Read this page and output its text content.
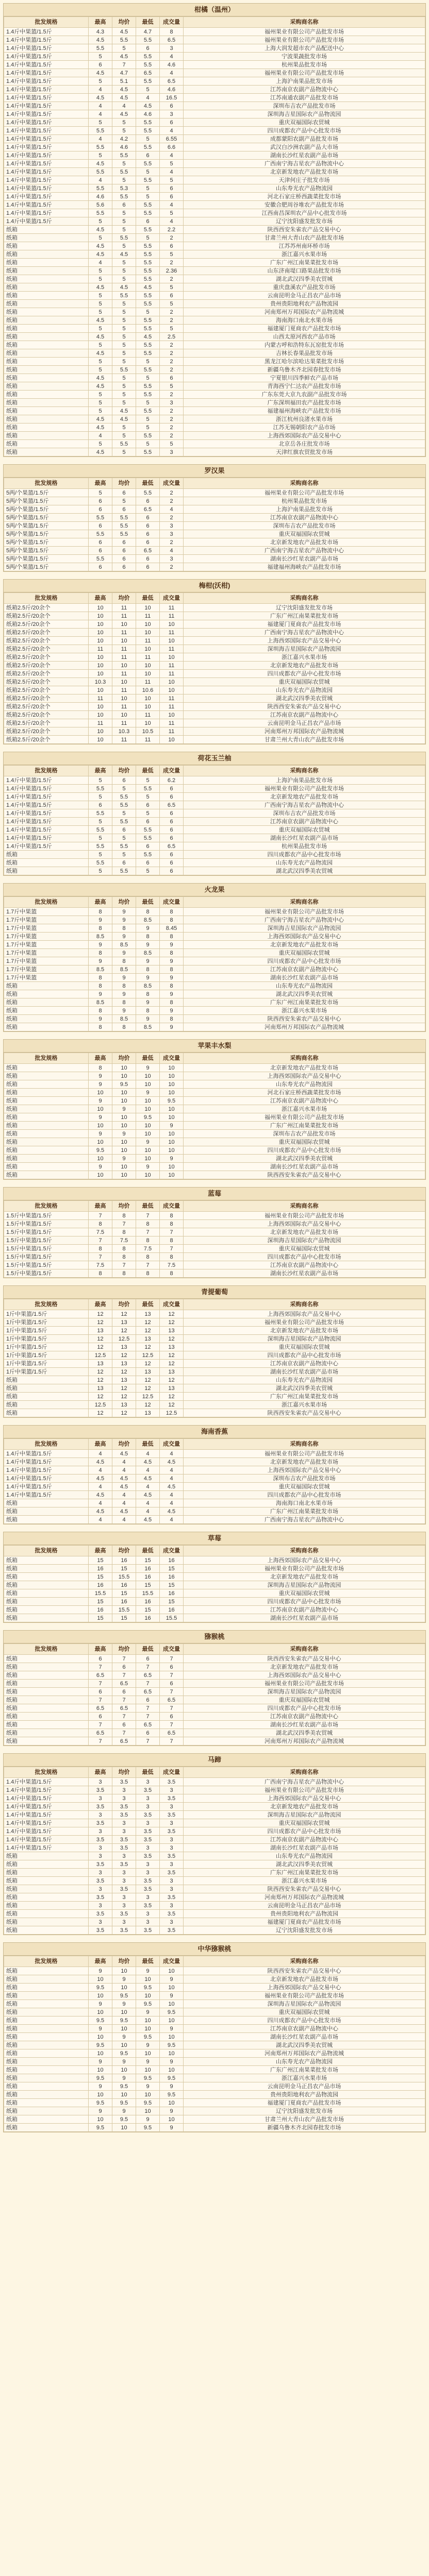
柑橘（温州）
批发规格	最高	均价	最低	成交量	采购商名称
1.4斤中果篮/1.5斤	4.3	4.5	4.7	8	福州果业有限公司产品批发市场
1.4斤中果篮/1.5斤	4.5	5.5	5.5	6.5	福州果业有限公司产品批发市场
1.4斤中果篮/1.5斤	5.5	5	6	3	上海大润发超市农产品配送中心
1.4斤中果篮/1.5斤	5	4.5	5.5	4	宁波果蔬批发市场
1.4斤中果篮/1.5斤	6	7	5.5	4.6	杭州果品批发市场
1.4斤中果篮/1.5斤	4.5	4.7	6.5	4	福州果业有限公司产品批发市场
1.4斤中果篮/1.5斤	5	5.1	5.5	6.5	上海沪南果品批发市场
1.4斤中果篮/1.5斤	4	4.5	5	4.6	江苏南京农副产品物流中心
1.4斤中果篮/1.5斤	4.5	4.5	4	16.5	江苏南通农副产品批发市场
1.4斤中果篮/1.5斤	4	4	4.5	6	深圳布吉农产品批发市场
1.4斤中果篮/1.5斤	4	4.5	4.6	3	深圳海吉星国际农产品物流园
1.4斤中果篮/1.5斤	5	5	5.5	6	重庆双福国际农贸城
1.4斤中果篮/1.5斤	5.5	5	5.5	4	四川成都农产品中心批发市场
1.4斤中果篮/1.5斤	4	4.2	5	6.55	成都蒙阳农副产品批发市场
1.4斤中果篮/1.5斤	5.5	4.6	5.5	6.6	武汉白沙洲农副产品大市场
1.4斤中果篮/1.5斤	5	5.5	6	4	湖南长沙红星农副产品市场
1.4斤中果篮/1.5斤	4.5	5	5.5	5	广西南宁海吉星农产品物流中心
1.4斤中果篮/1.5斤	5.5	5.5	5	4	北京新发地农产品批发市场
1.4斤中果篮/1.5斤	4	5	5.5	5	天津何庄子批发市场
1.4斤中果篮/1.5斤	5.5	5.3	5	6	山东寿光农产品物流园
1.4斤中果篮/1.5斤	4.6	5.5	5	6	河北石家庄桥西蔬菜批发市场
1.4斤中果篮/1.5斤	5.6	6	5.5	4	安徽合肥周谷堆农产品批发市场
1.4斤中果篮/1.5斤	5.5	5	5.5	5	江西南昌深圳农产品中心批发市场
1.4斤中果篮/1.5斤	5	5	6	4	辽宁沈阳盛发批发市场
纸箱	4.5	5	5.5	2.2	陕西西安朱雀农产品交易中心
纸箱	5	5.5	5	2	甘肃兰州大青山农产品批发市场
纸箱	4.5	5	5.5	6	江苏苏州南环桥市场
纸箱	4.5	4.5	5.5	5	浙江嘉兴水果市场
纸箱	4	5	5.5	2	广东广州江南果菜批发市场
纸箱	5	5	5.5	2.36	山东济南堤口路果品批发市场
纸箱	5	5	5.5	2	湖北武汉四季美农贸城
纸箱	4.5	4.5	4.5	5	重庆盘溪农产品批发市场
纸箱	5	5.5	5.5	6	云南昆明金马正昌农产品市场
纸箱	5	5	5.5	5	贵州贵阳地利农产品物流园
纸箱	5	5	5	2	河南郑州万邦国际农产品物流城
纸箱	4.5	5	5.5	2	海南海口南北水果市场
纸箱	5	5	5.5	5	福建厦门夏商农产品批发市场
纸箱	4.5	5	4.5	2.5	山西太原河西农产品市场
纸箱	5	5	5.5	2	内蒙古呼和浩特东瓦窑批发市场
纸箱	4.5	5	5.5	2	吉林长春果品批发市场
纸箱	5	5	5	2	黑龙江哈尔滨哈达果菜批发市场
纸箱	5	5.5	5.5	2	新疆乌鲁木齐北园春批发市场
纸箱	4.5	5	5	6	宁夏银川四季鲜农产品市场
纸箱	4.5	5	5.5	5	青海西宁仁达农产品批发市场
纸箱	5	5	5.5	2	广东东莞大京九农副产品批发市场
纸箱	5	5	5	3	广东深圳福田农产品批发市场
纸箱	5	4.5	5.5	2	福建福州海峡农产品批发市场
纸箱	4.5	4.5	5	2	浙江杭州良渚水果市场
纸箱	4.5	5	5	2	江苏无锡朝阳农产品市场
纸箱	4	5	5.5	2	上海西郊国际农产品交易中心
纸箱	5	5.5	5	5	北京岳各庄批发市场
纸箱	4.5	5	5.5	3	天津红旗农贸批发市场
罗汉果
批发规格	最高	均价	最低	成交量	采购商名称
5两/个果篮/1.5斤	5	6	5.5	2	福州果业有限公司产品批发市场
5两/个果篮/1.5斤	6	5	6	2	杭州果品批发市场
5两/个果篮/1.5斤	6	6	6.5	4	上海沪南果品批发市场
5两/个果篮/1.5斤	5.5	5.5	6	2	江苏南京农副产品物流中心
5两/个果篮/1.5斤	6	5.5	6	3	深圳布吉农产品批发市场
5两/个果篮/1.5斤	5.5	5.5	6	3	重庆双福国际农贸城
5两/个果篮/1.5斤	6	6	6	2	北京新发地农产品批发市场
5两/个果篮/1.5斤	6	6	6.5	4	广西南宁海吉星农产品物流中心
5两/个果篮/1.5斤	5.5	6	6	3	湖南长沙红星农副产品市场
5两/个果篮/1.5斤	6	6	6	2	福建福州海峡农产品批发市场
梅柑(沃柑)
批发规格	最高	均价	最低	成交量	采购商名称
纸箱2.5斤/20余个	10	11	10	11	辽宁沈阳盛发批发市场
纸箱2.5斤/20余个	10	11	11	11	广东广州江南果菜批发市场
纸箱2.5斤/20余个	10	10	10	10	福建厦门夏商农产品批发市场
纸箱2.5斤/20余个	10	11	10	11	广西南宁海吉星农产品物流中心
纸箱2.5斤/20余个	10	10	11	10	上海西郊国际农产品交易中心
纸箱2.5斤/20余个	11	11	10	11	深圳海吉星国际农产品物流园
纸箱2.5斤/20余个	10	11	11	10	浙江嘉兴水果市场
纸箱2.5斤/20余个	10	10	10	11	北京新发地农产品批发市场
纸箱2.5斤/20余个	10	11	10	11	四川成都农产品中心批发市场
纸箱2.5斤/20余个	10.3	10	11	10	重庆双福国际农贸城
纸箱2.5斤/20余个	10	11	10.6	10	山东寿光农产品物流园
纸箱2.5斤/20余个	11	10	10	11	湖北武汉四季美农贸城
纸箱2.5斤/20余个	10	11	10	11	陕西西安朱雀农产品交易中心
纸箱2.5斤/20余个	10	10	11	10	江苏南京农副产品物流中心
纸箱2.5斤/20余个	11	11	10	11	云南昆明金马正昌农产品市场
纸箱2.5斤/20余个	10	10.3	10.5	11	河南郑州万邦国际农产品物流城
纸箱2.5斤/20余个	10	11	11	10	甘肃兰州大青山农产品批发市场
荷花玉兰柚
批发规格	最高	均价	最低	成交量	采购商名称
1.4斤中果篮/1.5斤	5	6	5	6.2	上海沪南果品批发市场
1.4斤中果篮/1.5斤	5.5	5	5.5	6	福州果业有限公司产品批发市场
1.4斤中果篮/1.5斤	5	5.5	5	6	北京新发地农产品批发市场
1.4斤中果篮/1.5斤	6	5.5	6	6.5	广西南宁海吉星农产品物流中心
1.4斤中果篮/1.5斤	5.5	5	5	6	深圳布吉农产品批发市场
1.4斤中果篮/1.5斤	5	5.5	6	6	江苏南京农副产品物流中心
1.4斤中果篮/1.5斤	5.5	6	5.5	6	重庆双福国际农贸城
1.4斤中果篮/1.5斤	5	5	5.5	6	湖南长沙红星农副产品市场
1.4斤中果篮/1.5斤	5.5	5.5	6	6.5	杭州果品批发市场
纸箱	5	5	5.5	6	四川成都农产品中心批发市场
纸箱	5.5	6	6	6	山东寿光农产品物流园
纸箱	5	5.5	5	6	湖北武汉四季美农贸城
火龙果
批发规格	最高	均价	最低	成交量	采购商名称
1.7斤中果篮	8	9	8	8	福州果业有限公司产品批发市场
1.7斤中果篮	9	9	8.5	8	广西南宁海吉星农产品物流中心
1.7斤中果篮	8	8	9	8.45	深圳海吉星国际农产品物流园
1.7斤中果篮	8.5	9	8	8	上海西郊国际农产品交易中心
1.7斤中果篮	9	8.5	9	9	北京新发地农产品批发市场
1.7斤中果篮	8	9	8.5	8	重庆双福国际农贸城
1.7斤中果篮	9	8	9	9	四川成都农产品中心批发市场
1.7斤中果篮	8.5	8.5	8	8	江苏南京农副产品物流中心
1.7斤中果篮	8	9	9	9	湖南长沙红星农副产品市场
纸箱	8	8	8.5	8	山东寿光农产品物流园
纸箱	9	9	8	9	湖北武汉四季美农贸城
纸箱	8.5	8	9	8	广东广州江南果菜批发市场
纸箱	8	9	8	9	浙江嘉兴水果市场
纸箱	9	8.5	9	8	陕西西安朱雀农产品交易中心
纸箱	8	8	8.5	9	河南郑州万邦国际农产品物流城
苹果丰水梨
批发规格	最高	均价	最低	成交量	采购商名称
纸箱	8	10	9	10	北京新发地农产品批发市场
纸箱	9	10	10	10	上海西郊国际农产品交易中心
纸箱	9	9.5	10	10	山东寿光农产品物流园
纸箱	10	10	9	10	河北石家庄桥西蔬菜批发市场
纸箱	9	10	10	9.5	江苏南京农副产品物流中心
纸箱	10	9	10	10	浙江嘉兴水果市场
纸箱	9	10	9.5	10	福州果业有限公司产品批发市场
纸箱	10	10	10	9	广东广州江南果菜批发市场
纸箱	9	9	10	10	深圳布吉农产品批发市场
纸箱	10	10	9	10	重庆双福国际农贸城
纸箱	9.5	10	10	10	四川成都农产品中心批发市场
纸箱	10	9	10	9	湖北武汉四季美农贸城
纸箱	9	10	9	10	湖南长沙红星农副产品市场
纸箱	10	10	10	10	陕西西安朱雀农产品交易中心
蓝莓
批发规格	最高	均价	最低	成交量	采购商名称
1.5斤中果篮/1.5斤	7	8	7	8	福州果业有限公司产品批发市场
1.5斤中果篮/1.5斤	8	7	8	8	上海西郊国际农产品交易中心
1.5斤中果篮/1.5斤	7.5	8	7	7	北京新发地农产品批发市场
1.5斤中果篮/1.5斤	7	7.5	8	8	深圳海吉星国际农产品物流园
1.5斤中果篮/1.5斤	8	8	7.5	7	重庆双福国际农贸城
1.5斤中果篮/1.5斤	7	8	8	8	四川成都农产品中心批发市场
1.5斤中果篮/1.5斤	7.5	7	7	7.5	江苏南京农副产品物流中心
1.5斤中果篮/1.5斤	8	8	8	8	湖南长沙红星农副产品市场
青提葡萄
批发规格	最高	均价	最低	成交量	采购商名称
1斤中果篮/1.5斤	12	12	13	12	上海西郊国际农产品交易中心
1斤中果篮/1.5斤	12	13	12	12	福州果业有限公司产品批发市场
1斤中果篮/1.5斤	13	12	12	13	北京新发地农产品批发市场
1斤中果篮/1.5斤	12	12.5	13	12	深圳海吉星国际农产品物流园
1斤中果篮/1.5斤	12	13	12	13	重庆双福国际农贸城
1斤中果篮/1.5斤	12.5	12	12.5	12	四川成都农产品中心批发市场
1斤中果篮/1.5斤	13	13	12	12	江苏南京农副产品物流中心
1斤中果篮/1.5斤	12	12	13	13	湖南长沙红星农副产品市场
纸箱	12	13	12	12	山东寿光农产品物流园
纸箱	13	12	12	13	湖北武汉四季美农贸城
纸箱	12	12	12.5	12	广东广州江南果菜批发市场
纸箱	12.5	13	12	12	浙江嘉兴水果市场
纸箱	12	12	13	12.5	陕西西安朱雀农产品交易中心
海南香蕉
批发规格	最高	均价	最低	成交量	采购商名称
1.4斤中果篮/1.5斤	4	4.5	4	4	福州果业有限公司产品批发市场
1.4斤中果篮/1.5斤	4.5	4	4.5	4.5	北京新发地农产品批发市场
1.4斤中果篮/1.5斤	4	4	4	4	上海西郊国际农产品交易中心
1.4斤中果篮/1.5斤	4.5	4.5	4.5	4	深圳布吉农产品批发市场
1.4斤中果篮/1.5斤	4	4.5	4	4.5	重庆双福国际农贸城
1.4斤中果篮/1.5斤	4.5	4	4.5	4	四川成都农产品中心批发市场
纸箱	4	4	4	4	海南海口南北水果市场
纸箱	4.5	4.5	4	4.5	广东广州江南果菜批发市场
纸箱	4	4	4.5	4	广西南宁海吉星农产品物流中心
草莓
批发规格	最高	均价	最低	成交量	采购商名称
纸箱	15	16	15	16	上海西郊国际农产品交易中心
纸箱	16	15	16	15	福州果业有限公司产品批发市场
纸箱	15	15.5	16	16	北京新发地农产品批发市场
纸箱	16	16	15	15	深圳海吉星国际农产品物流园
纸箱	15.5	15	15.5	16	重庆双福国际农贸城
纸箱	15	16	16	15	四川成都农产品中心批发市场
纸箱	16	15.5	15	16	江苏南京农副产品物流中心
纸箱	15	15	16	15.5	湖南长沙红星农副产品市场
猕猴桃
批发规格	最高	均价	最低	成交量	采购商名称
纸箱	6	7	6	7	陕西西安朱雀农产品交易中心
纸箱	7	6	7	6	北京新发地农产品批发市场
纸箱	6.5	7	6.5	7	上海西郊国际农产品交易中心
纸箱	7	6.5	7	6	福州果业有限公司产品批发市场
纸箱	6	6	6.5	7	深圳海吉星国际农产品物流园
纸箱	7	7	6	6.5	重庆双福国际农贸城
纸箱	6.5	6.5	7	7	四川成都农产品中心批发市场
纸箱	6	7	7	6	江苏南京农副产品物流中心
纸箱	7	6	6.5	7	湖南长沙红星农副产品市场
纸箱	6.5	7	6	6.5	湖北武汉四季美农贸城
纸箱	7	6.5	7	7	河南郑州万邦国际农产品物流城
马蹄
批发规格	最高	均价	最低	成交量	采购商名称
1.4斤中果篮/1.5斤	3	3.5	3	3.5	广西南宁海吉星农产品物流中心
1.4斤中果篮/1.5斤	3.5	3	3.5	3	福州果业有限公司产品批发市场
1.4斤中果篮/1.5斤	3	3	3	3.5	上海西郊国际农产品交易中心
1.4斤中果篮/1.5斤	3.5	3.5	3	3	北京新发地农产品批发市场
1.4斤中果篮/1.5斤	3	3.5	3.5	3.5	深圳海吉星国际农产品物流园
1.4斤中果篮/1.5斤	3.5	3	3	3	重庆双福国际农贸城
1.4斤中果篮/1.5斤	3	3	3.5	3.5	四川成都农产品中心批发市场
1.4斤中果篮/1.5斤	3.5	3.5	3.5	3	江苏南京农副产品物流中心
1.4斤中果篮/1.5斤	3	3.5	3	3	湖南长沙红星农副产品市场
纸箱	3	3	3.5	3.5	山东寿光农产品物流园
纸箱	3.5	3.5	3	3	湖北武汉四季美农贸城
纸箱	3	3	3	3.5	广东广州江南果菜批发市场
纸箱	3.5	3	3.5	3	浙江嘉兴水果市场
纸箱	3	3.5	3.5	3	陕西西安朱雀农产品交易中心
纸箱	3.5	3	3	3.5	河南郑州万邦国际农产品物流城
纸箱	3	3	3.5	3	云南昆明金马正昌农产品市场
纸箱	3.5	3.5	3	3.5	贵州贵阳地利农产品物流园
纸箱	3	3	3	3	福建厦门夏商农产品批发市场
纸箱	3.5	3.5	3.5	3.5	辽宁沈阳盛发批发市场
中华猕猴桃
批发规格	最高	均价	最低	成交量	采购商名称
纸箱	9	10	9	10	陕西西安朱雀农产品交易中心
纸箱	10	9	10	9	北京新发地农产品批发市场
纸箱	9.5	10	9.5	10	上海西郊国际农产品交易中心
纸箱	10	9.5	10	9	福州果业有限公司产品批发市场
纸箱	9	9	9.5	10	深圳海吉星国际农产品物流园
纸箱	10	10	9	9.5	重庆双福国际农贸城
纸箱	9.5	9.5	10	10	四川成都农产品中心批发市场
纸箱	9	10	10	9	江苏南京农副产品物流中心
纸箱	10	9	9.5	10	湖南长沙红星农副产品市场
纸箱	9.5	10	9	9.5	湖北武汉四季美农贸城
纸箱	10	9.5	10	10	河南郑州万邦国际农产品物流城
纸箱	9	9	9	9	山东寿光农产品物流园
纸箱	10	10	10	10	广东广州江南果菜批发市场
纸箱	9.5	9	9.5	9.5	浙江嘉兴水果市场
纸箱	9	9.5	9	9	云南昆明金马正昌农产品市场
纸箱	10	10	10	9.5	贵州贵阳地利农产品物流园
纸箱	9.5	9.5	9.5	10	福建厦门夏商农产品批发市场
纸箱	9	9	10	9	辽宁沈阳盛发批发市场
纸箱	10	9.5	9	10	甘肃兰州大青山农产品批发市场
纸箱	9.5	10	9.5	9	新疆乌鲁木齐北园春批发市场
